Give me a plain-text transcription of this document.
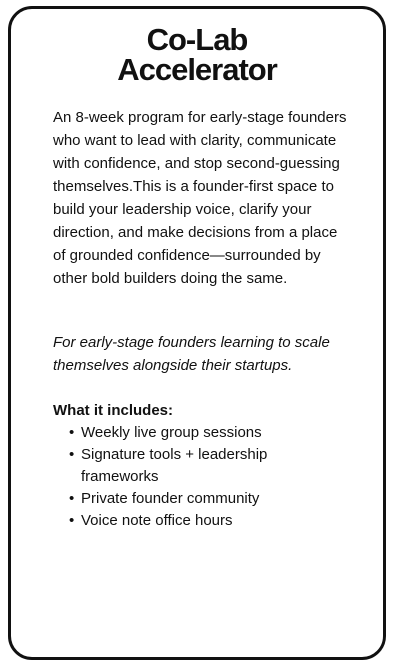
Co-Lab
Accelerator

An 8-week program for early-stage founders who want to lead with clarity, communicate with confidence, and stop second-guessing themselves.This is a founder-first space to build your leadership voice, clarify your direction, and make decisions from a place of grounded confidence—surrounded by other bold builders doing the same.

For early-stage founders learning to scale themselves alongside their startups.

What it includes:

• Weekly live group sessions
• Signature tools + leadership frameworks
• Private founder community
• Voice note office hours
